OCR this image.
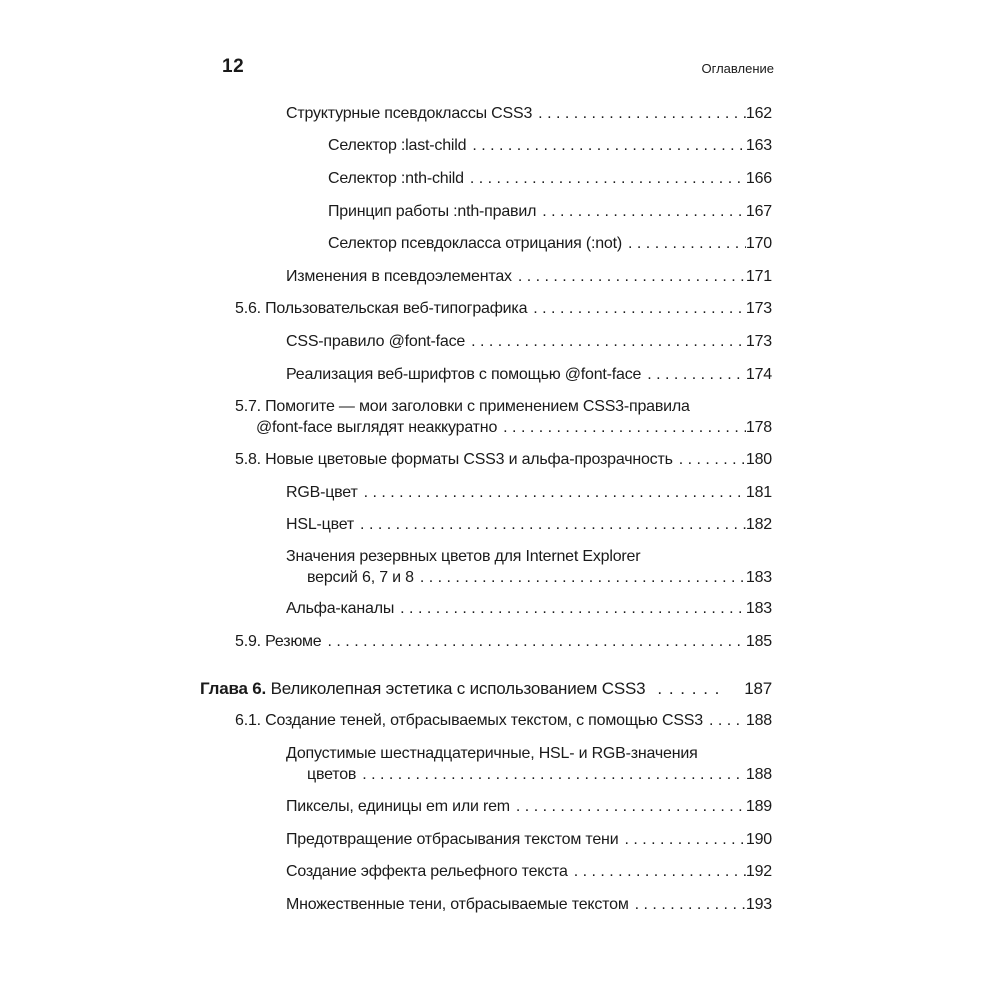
12	Оглавление
Структурные псевдоклассы CSS3 . . .	162
Селектор :last-child . . .	163
Селектор :nth-child . . .	166
Принцип работы :nth-правил . . .	167
Селектор псевдокласса отрицания (:not) . . .	170
Изменения в псевдоэлементах . . .	171
5.6. Пользовательская веб-типографика . . .	173
CSS-правило @font-face . . .	173
Реализация веб-шрифтов с помощью @font-face . . .	174
5.7. Помогите — мои заголовки с применением CSS3-правила
@font-face выглядят неаккуратно . . .	178
5.8. Новые цветовые форматы CSS3 и альфа-прозрачность . . .	180
RGB-цвет . . .	181
HSL-цвет . . .	182
Значения резервных цветов для Internet Explorer
версий 6, 7 и 8 . . .	183
Альфа-каналы . . .	183
5.9. Резюме . . .	185
Глава 6. Великолепная эстетика с использованием CSS3 . . .	187
6.1. Создание теней, отбрасываемых текстом, с помощью CSS3 . . .	188
Допустимые шестнадцатеричные, HSL- и RGB-значения
цветов . . .	188
Пикселы, единицы em или rem . . .	189
Предотвращение отбрасывания текстом тени . . .	190
Создание эффекта рельефного текста . . .	192
Множественные тени, отбрасываемые текстом . . .	193
